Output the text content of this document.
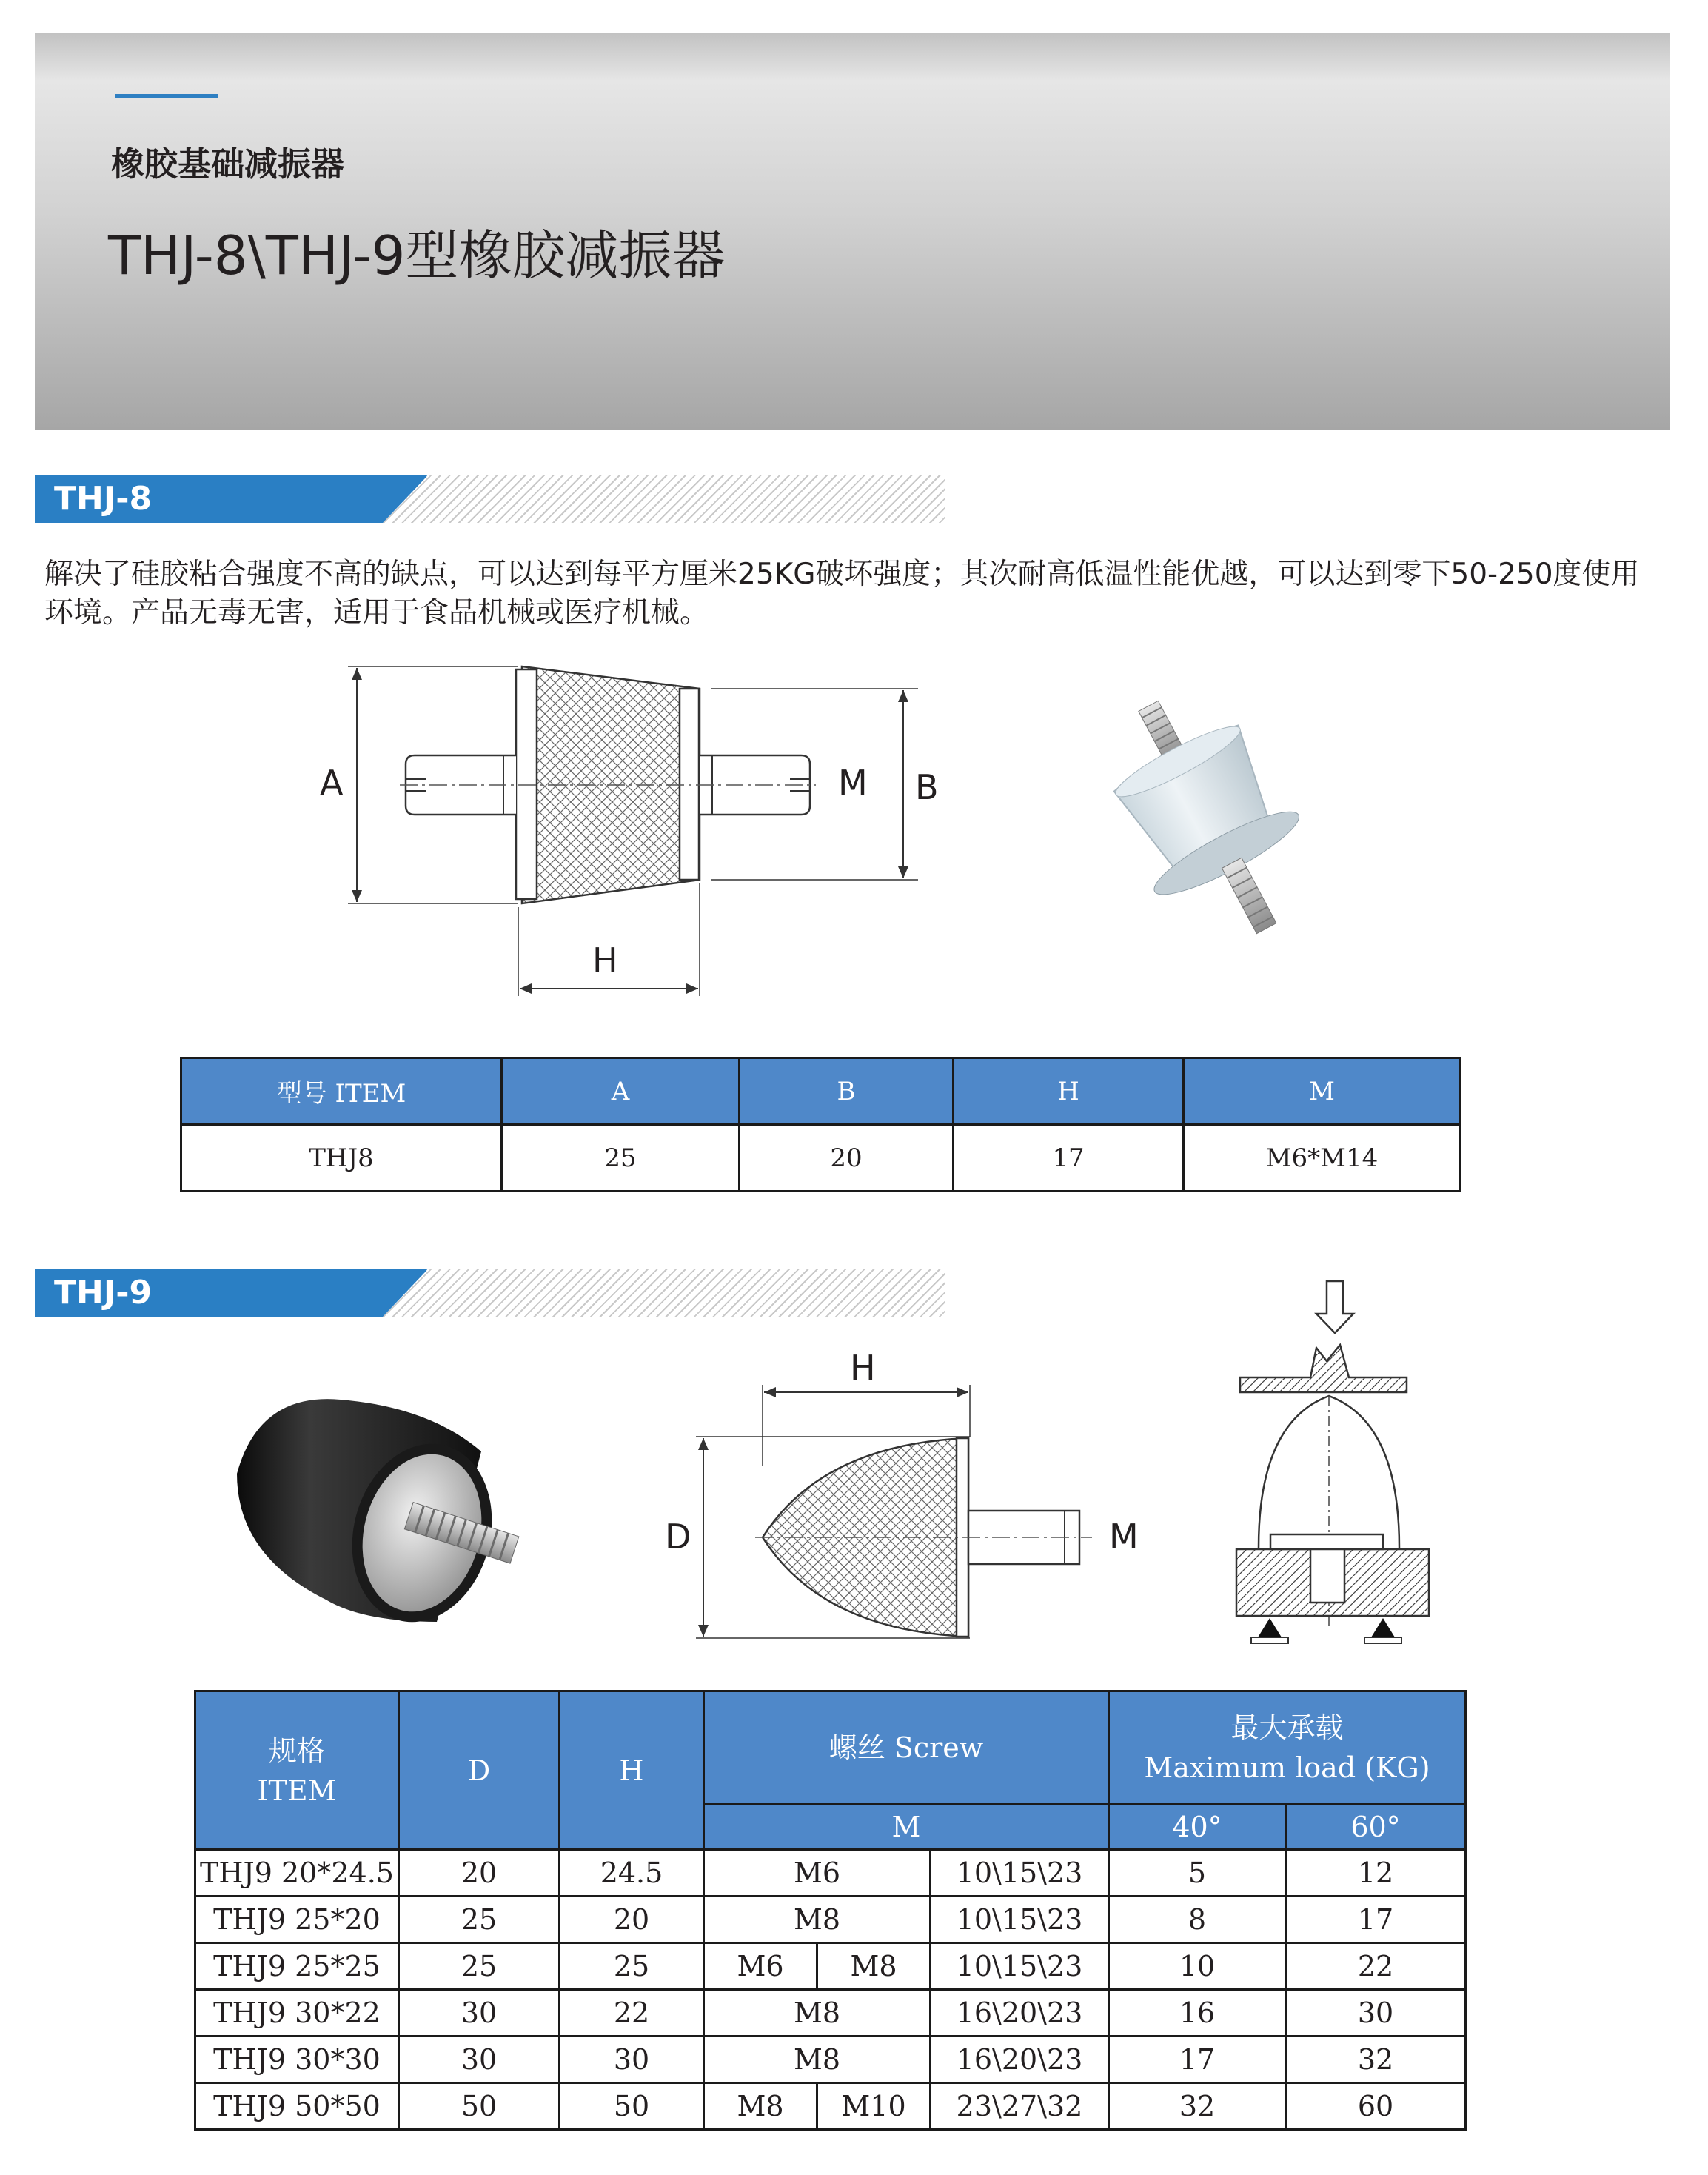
橡胶基础减振器
THJ-8\THJ-9型橡胶减振器
THJ-8
解决了硅胶粘合强度不高的缺点，可以达到每平方厘米25KG破坏强度；其次耐高低温性能优越，可以达到零下50-250度使用环境。产品无毒无害，适用于食品机械或医疗机械。
A	M B
H
型号 ITEM	A	B	H	M
THJ8	25	20	17	M6*M14
THJ-9
H
D	M
规格
ITEM	D	H	螺丝 Screw			最大承载
Maximum load (KG)	
			M			40°	60°
THJ9 20*24.5	20	24.5	M6		10\15\23	5	12
THJ9 25*20	25	20	M8		10\15\23	8	17
THJ9 25*25	25	25	M6	M8	10\15\23	10	22
THJ9 30*22	30	22	M8		16\20\23	16	30
THJ9 30*30	30	30	M8		16\20\23	17	32
THJ9 50*50	50	50	M8	M10	23\27\32	32	60
